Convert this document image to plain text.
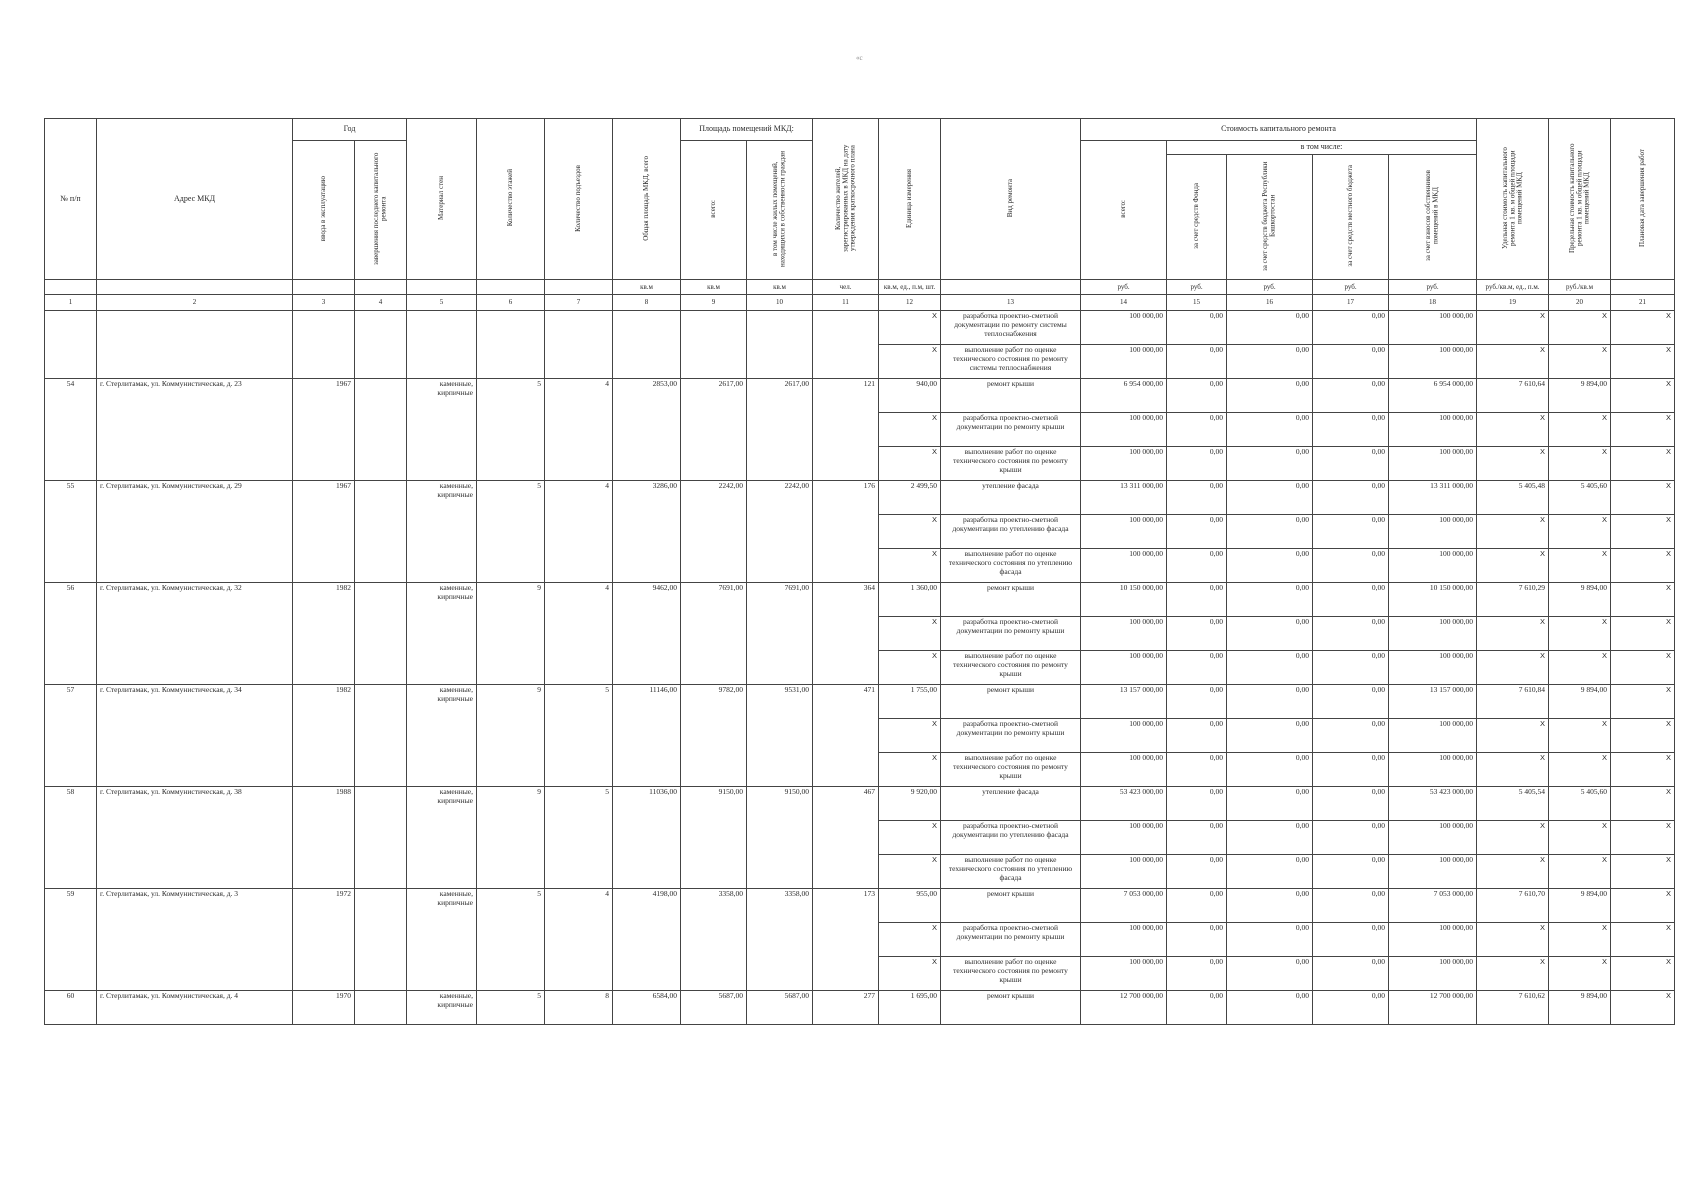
«с
№ п/п	Адрес МКД	Год		Материал стен	Количество этажей	Количество подъездов	Общая площадь МКД, всего	Площадь помещений МКД:		Количество жителей, зарегистрированных в МКД на дату утверждения краткосрочного плана	Единица измерения	Вид ремонта	Стоимость капитального ремонта					Удельная стоимость капитального ремонта 1 кв. м общей площади помещений МКД	Предельная стоимость капитального ремонта 1 кв. м общей площади помещений МКД	Плановая дата завершения работ
		ввода в эксплуатацию	завершения последнего капитального ремонта					всего:	в том числе жилых помещений, находящихся в собственности граждан				всего:	в том числе:						
														за счет средств Фонда	за счет средств бюджета Республики Башкортостан	за счет средств местного бюджета	за счет взносов собственников помещений в МКД			
							кв.м	кв.м	кв.м	чел.	кв.м, ед., п.м, шт.		руб.	руб.	руб.	руб.	руб.	руб./кв.м, ед., п.м.	руб./кв.м	
1	2	3	4	5	6	7	8	9	10	11	12	13	14	15	16	17	18	19	20	21
											X	разработка проектно-сметной документации по ремонту системы теплоснабжения	100 000,00	0,00	0,00	0,00	100 000,00	X	X	X
											X	выполнение работ по оценке технического состояния по ремонту системы теплоснабжения	100 000,00	0,00	0,00	0,00	100 000,00	X	X	X
54	г. Стерлитамак, ул. Коммунистическая, д. 23	1967		каменные, кирпичные	5	4	2853,00	2617,00	2617,00	121	940,00	ремонт крыши	6 954 000,00	0,00	0,00	0,00	6 954 000,00	7 610,64	9 894,00	X
											X	разработка проектно-сметной документации по ремонту крыши	100 000,00	0,00	0,00	0,00	100 000,00	X	X	X
											X	выполнение работ по оценке технического состояния по ремонту крыши	100 000,00	0,00	0,00	0,00	100 000,00	X	X	X
55	г. Стерлитамак, ул. Коммунистическая, д. 29	1967		каменные, кирпичные	5	4	3286,00	2242,00	2242,00	176	2 499,50	утепление фасада	13 311 000,00	0,00	0,00	0,00	13 311 000,00	5 405,48	5 405,60	X
											X	разработка проектно-сметной документации по утеплению фасада	100 000,00	0,00	0,00	0,00	100 000,00	X	X	X
											X	выполнение работ по оценке технического состояния по утеплению фасада	100 000,00	0,00	0,00	0,00	100 000,00	X	X	X
56	г. Стерлитамак, ул. Коммунистическая, д. 32	1982		каменные, кирпичные	9	4	9462,00	7691,00	7691,00	364	1 360,00	ремонт крыши	10 150 000,00	0,00	0,00	0,00	10 150 000,00	7 610,29	9 894,00	X
											X	разработка проектно-сметной документации по ремонту крыши	100 000,00	0,00	0,00	0,00	100 000,00	X	X	X
											X	выполнение работ по оценке технического состояния по ремонту крыши	100 000,00	0,00	0,00	0,00	100 000,00	X	X	X
57	г. Стерлитамак, ул. Коммунистическая, д. 34	1982		каменные, кирпичные	9	5	11146,00	9782,00	9531,00	471	1 755,00	ремонт крыши	13 157 000,00	0,00	0,00	0,00	13 157 000,00	7 610,84	9 894,00	X
											X	разработка проектно-сметной документации по ремонту крыши	100 000,00	0,00	0,00	0,00	100 000,00	X	X	X
											X	выполнение работ по оценке технического состояния по ремонту крыши	100 000,00	0,00	0,00	0,00	100 000,00	X	X	X
58	г. Стерлитамак, ул. Коммунистическая, д. 38	1988		каменные, кирпичные	9	5	11036,00	9150,00	9150,00	467	9 920,00	утепление фасада	53 423 000,00	0,00	0,00	0,00	53 423 000,00	5 405,54	5 405,60	X
											X	разработка проектно-сметной документации по утеплению фасада	100 000,00	0,00	0,00	0,00	100 000,00	X	X	X
											X	выполнение работ по оценке технического состояния по утеплению фасада	100 000,00	0,00	0,00	0,00	100 000,00	X	X	X
59	г. Стерлитамак, ул. Коммунистическая, д. 3	1972		каменные, кирпичные	5	4	4198,00	3358,00	3358,00	173	955,00	ремонт крыши	7 053 000,00	0,00	0,00	0,00	7 053 000,00	7 610,70	9 894,00	X
											X	разработка проектно-сметной документации по ремонту крыши	100 000,00	0,00	0,00	0,00	100 000,00	X	X	X
											X	выполнение работ по оценке технического состояния по ремонту крыши	100 000,00	0,00	0,00	0,00	100 000,00	X	X	X
60	г. Стерлитамак, ул. Коммунистическая, д. 4	1970		каменные, кирпичные	5	8	6584,00	5687,00	5687,00	277	1 695,00	ремонт крыши	12 700 000,00	0,00	0,00	0,00	12 700 000,00	7 610,62	9 894,00	X
